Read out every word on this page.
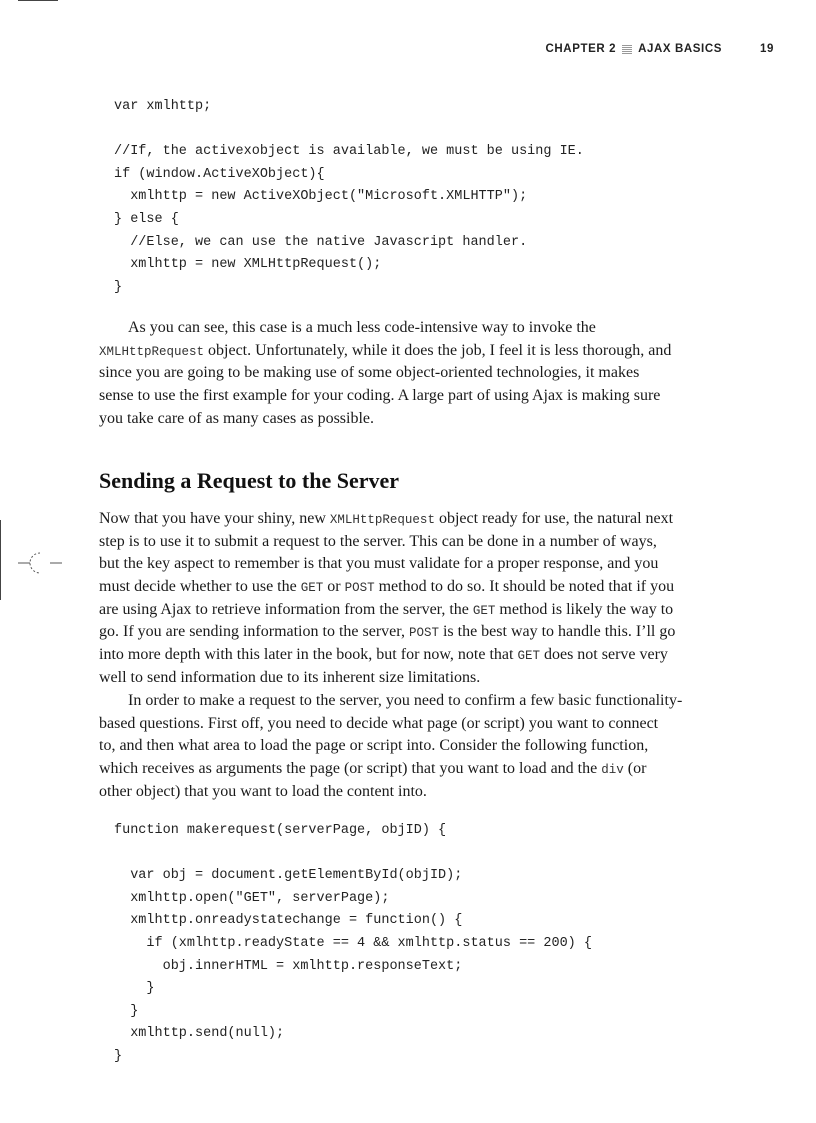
CHAPTER 2 AJAX BASICS	19
var xmlhttp;
//If, the activexobject is available, we must be using IE.
if (window.ActiveXObject){
xmlhttp = new ActiveXObject("Microsoft.XMLHTTP");
} else {
//Else, we can use the native Javascript handler.
xmlhttp = new XMLHttpRequest();
}
As you can see, this case is a much less code-intensive way to invoke the
XMLHttpRequest object. Unfortunately, while it does the job, I feel it is less thorough, and
since you are going to be making use of some object-oriented technologies, it makes
sense to use the first example for your coding. A large part of using Ajax is making sure
you take care of as many cases as possible.
Sending a Request to the Server
Now that you have your shiny, new XMLHttpRequest object ready for use, the natural next
step is to use it to submit a request to the server. This can be done in a number of ways,
but the key aspect to remember is that you must validate for a proper response, and you
must decide whether to use the GET or POST method to do so. It should be noted that if you
are using Ajax to retrieve information from the server, the GET method is likely the way to
go. If you are sending information to the server, POST is the best way to handle this. I’ll go
into more depth with this later in the book, but for now, note that GET does not serve very
well to send information due to its inherent size limitations.
In order to make a request to the server, you need to confirm a few basic functionality-
based questions. First off, you need to decide what page (or script) you want to connect
to, and then what area to load the page or script into. Consider the following function,
which receives as arguments the page (or script) that you want to load and the div (or
other object) that you want to load the content into.
function makerequest(serverPage, objID) {
var obj = document.getElementById(objID);
xmlhttp.open("GET", serverPage);
xmlhttp.onreadystatechange = function() {
if (xmlhttp.readyState == 4 && xmlhttp.status == 200) {
obj.innerHTML = xmlhttp.responseText;
}
}
xmlhttp.send(null);
}
